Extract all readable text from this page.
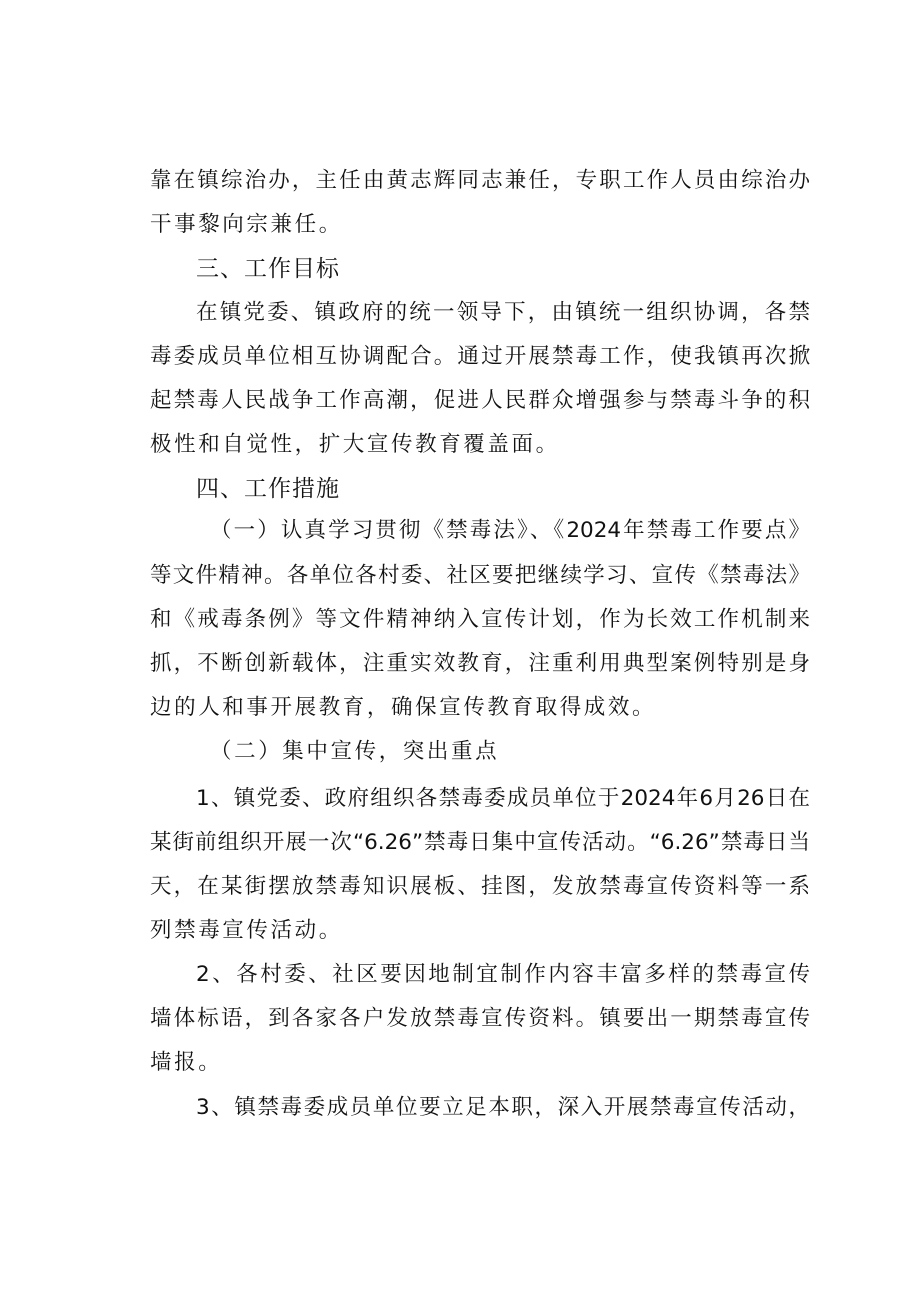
靠在镇综治办，主任由黄志辉同志兼任，专职工作人员由综治办
干事黎向宗兼任。
三、工作目标
在镇党委、镇政府的统一领导下，由镇统一组织协调，各禁
毒委成员单位相互协调配合。通过开展禁毒工作，使我镇再次掀
起禁毒人民战争工作高潮，促进人民群众增强参与禁毒斗争的积
极性和自觉性，扩大宣传教育覆盖面。
四、工作措施
（一）认真学习贯彻《禁毒法》、《2024年禁毒工作要点》
等文件精神。各单位各村委、社区要把继续学习、宣传《禁毒法》
和《戒毒条例》等文件精神纳入宣传计划，作为长效工作机制来
抓，不断创新载体，注重实效教育，注重利用典型案例特别是身
边的人和事开展教育，确保宣传教育取得成效。
（二）集中宣传，突出重点
1、镇党委、政府组织各禁毒委成员单位于2024年6月26日在
某街前组织开展一次“6.26”禁毒日集中宣传活动。“6.26”禁毒日当
天，在某街摆放禁毒知识展板、挂图，发放禁毒宣传资料等一系
列禁毒宣传活动。
2、各村委、社区要因地制宜制作内容丰富多样的禁毒宣传
墙体标语，到各家各户发放禁毒宣传资料。镇要出一期禁毒宣传
墙报。
3、镇禁毒委成员单位要立足本职，深入开展禁毒宣传活动，
